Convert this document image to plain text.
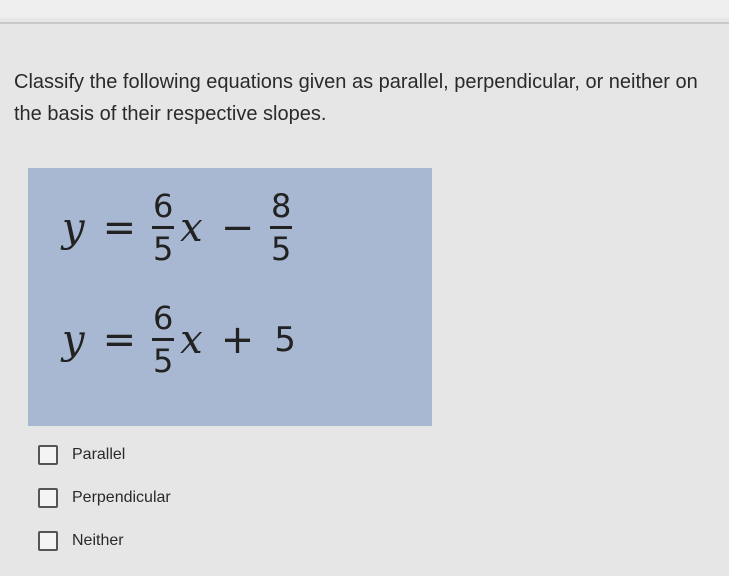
Classify the following equations given as parallel, perpendicular, or neither on the basis of their respective slopes.
$y = \frac{6}{5}$ $x - \frac{8}{5}$
$y = \frac{6}{5}$ x + 5
Parallel
Perpendicular
Neither
